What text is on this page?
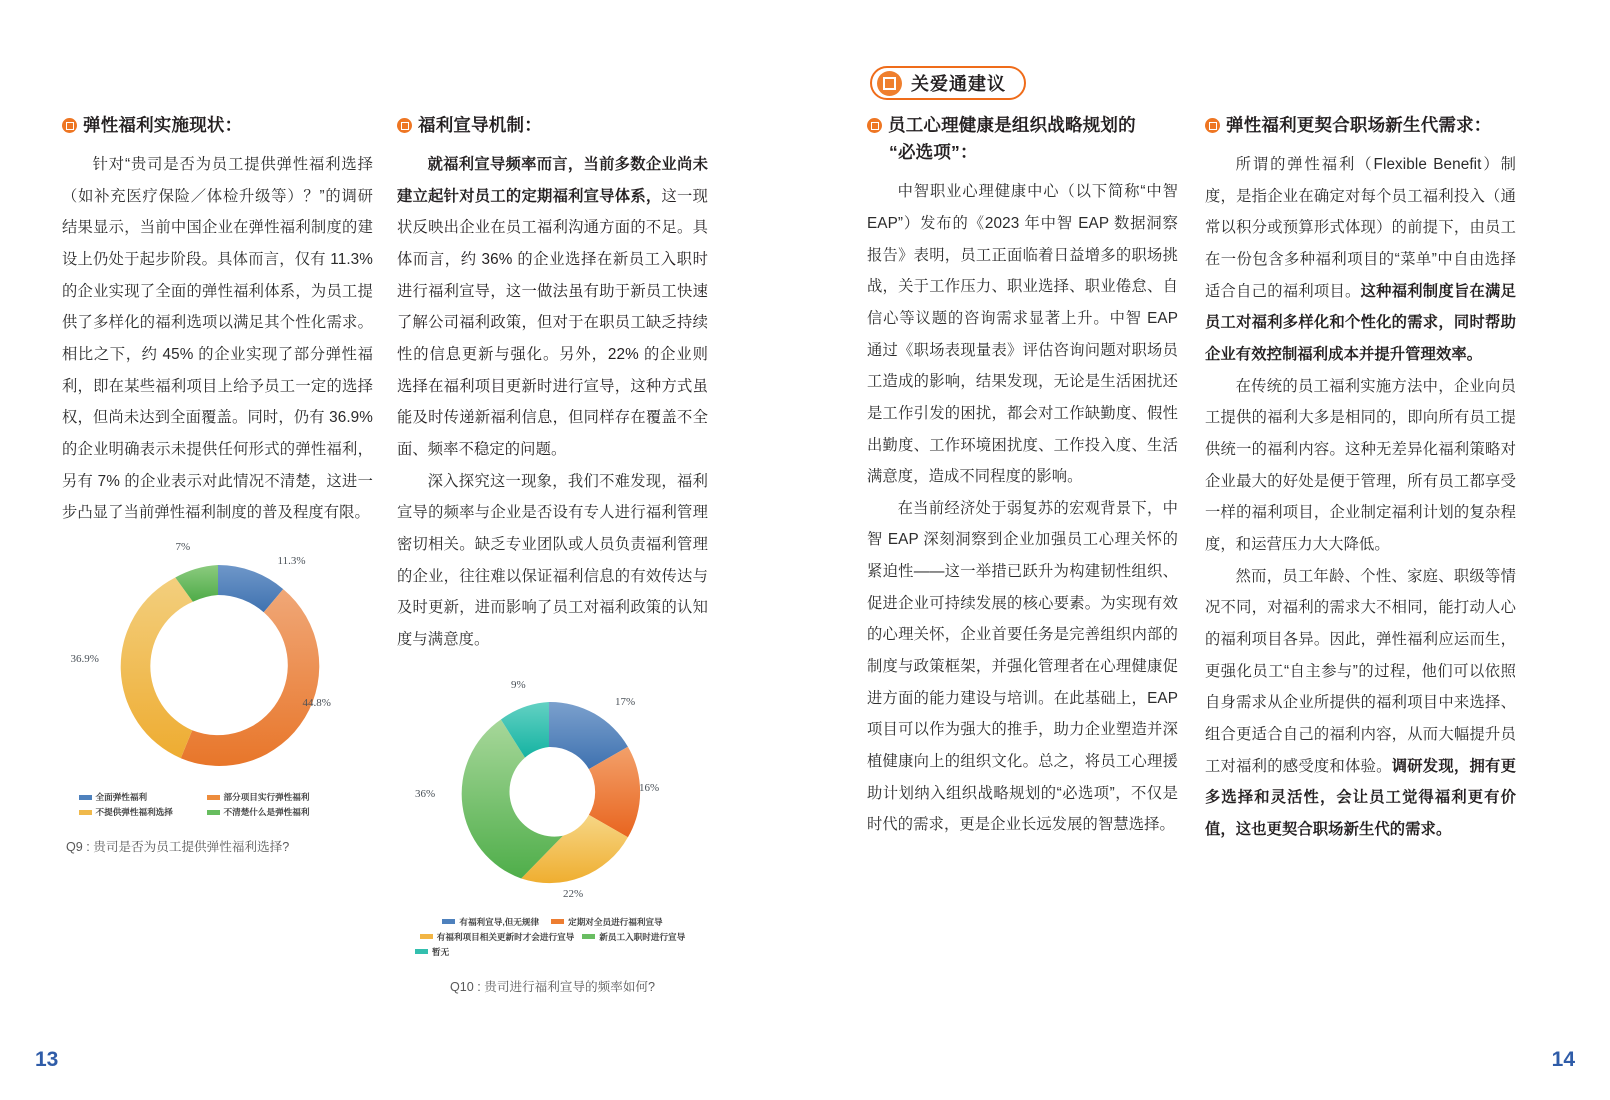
弹性福利实施现状：

针对“贵司是否为员工提供弹性福利选择（如补充医疗保险／体检升级等）？”的调研结果显示，当前中国企业在弹性福利制度的建设上仍处于起步阶段。具体而言，仅有 11.3% 的企业实现了全面的弹性福利体系，为员工提供了多样化的福利选项以满足其个性化需求。相比之下，约 45% 的企业实现了部分弹性福利，即在某些福利项目上给予员工一定的选择权，但尚未达到全面覆盖。同时，仍有 36.9% 的企业明确表示未提供任何形式的弹性福利，另有 7% 的企业表示对此情况不清楚，这进一步凸显了当前弹性福利制度的普及程度有限。

11.3%
44.8%
36.9%
7%
全面弹性福利	部分项目实行弹性福利
不提供弹性福利选择	不清楚什么是弹性福利
Q9 : 贵司是否为员工提供弹性福利选择?
福利宣导机制：

就福利宣导频率而言，当前多数企业尚未建立起针对员工的定期福利宣导体系，这一现状反映出企业在员工福利沟通方面的不足。具体而言，约 36% 的企业选择在新员工入职时进行福利宣导，这一做法虽有助于新员工快速了解公司福利政策，但对于在职员工缺乏持续性的信息更新与强化。另外，22% 的企业则选择在福利项目更新时进行宣导，这种方式虽能及时传递新福利信息，但同样存在覆盖不全面、频率不稳定的问题。

深入探究这一现象，我们不难发现，福利宣导的频率与企业是否设有专人进行福利管理密切相关。缺乏专业团队或人员负责福利管理的企业，往往难以保证福利信息的有效传达与及时更新，进而影响了员工对福利政策的认知度与满意度。

17%
16%
22%
36%
9%
有福利宣导,但无规律	定期对全员进行福利宣导
有福利项目相关更新时才会进行宣导	新员工入职时进行宣导
暂无
Q10 : 贵司进行福利宣导的频率如何?
13
关爱通建议
员工心理健康是组织战略规划的
“必选项”：

中智职业心理健康中心（以下简称“中智 EAP”）发布的《2023 年中智 EAP 数据洞察报告》表明，员工正面临着日益增多的职场挑战，关于工作压力、职业选择、职业倦怠、自信心等议题的咨询需求显著上升。中智 EAP 通过《职场表现量表》评估咨询问题对职场员工造成的影响，结果发现，无论是生活困扰还是工作引发的困扰，都会对工作缺勤度、假性出勤度、工作环境困扰度、工作投入度、生活满意度，造成不同程度的影响。

在当前经济处于弱复苏的宏观背景下，中智 EAP 深刻洞察到企业加强员工心理关怀的紧迫性——这一举措已跃升为构建韧性组织、促进企业可持续发展的核心要素。为实现有效的心理关怀，企业首要任务是完善组织内部的制度与政策框架，并强化管理者在心理健康促进方面的能力建设与培训。在此基础上，EAP 项目可以作为强大的推手，助力企业塑造并深植健康向上的组织文化。总之，将员工心理援助计划纳入组织战略规划的“必选项”，不仅是时代的需求，更是企业长远发展的智慧选择。

弹性福利更契合职场新生代需求：

所谓的弹性福利（Flexible Benefit）制度，是指企业在确定对每个员工福利投入（通常以积分或预算形式体现）的前提下，由员工在一份包含多种福利项目的“菜单”中自由选择适合自己的福利项目。这种福利制度旨在满足员工对福利多样化和个性化的需求，同时帮助企业有效控制福利成本并提升管理效率。

在传统的员工福利实施方法中，企业向员工提供的福利大多是相同的，即向所有员工提供统一的福利内容。这种无差异化福利策略对企业最大的好处是便于管理，所有员工都享受一样的福利项目，企业制定福利计划的复杂程度，和运营压力大大降低。

然而，员工年龄、个性、家庭、职级等情况不同，对福利的需求大不相同，能打动人心的福利项目各异。因此，弹性福利应运而生，更强化员工“自主参与”的过程，他们可以依照自身需求从企业所提供的福利项目中来选择、组合更适合自己的福利内容，从而大幅提升员工对福利的感受度和体验。调研发现，拥有更多选择和灵活性，会让员工觉得福利更有价值，这也更契合职场新生代的需求。

14
